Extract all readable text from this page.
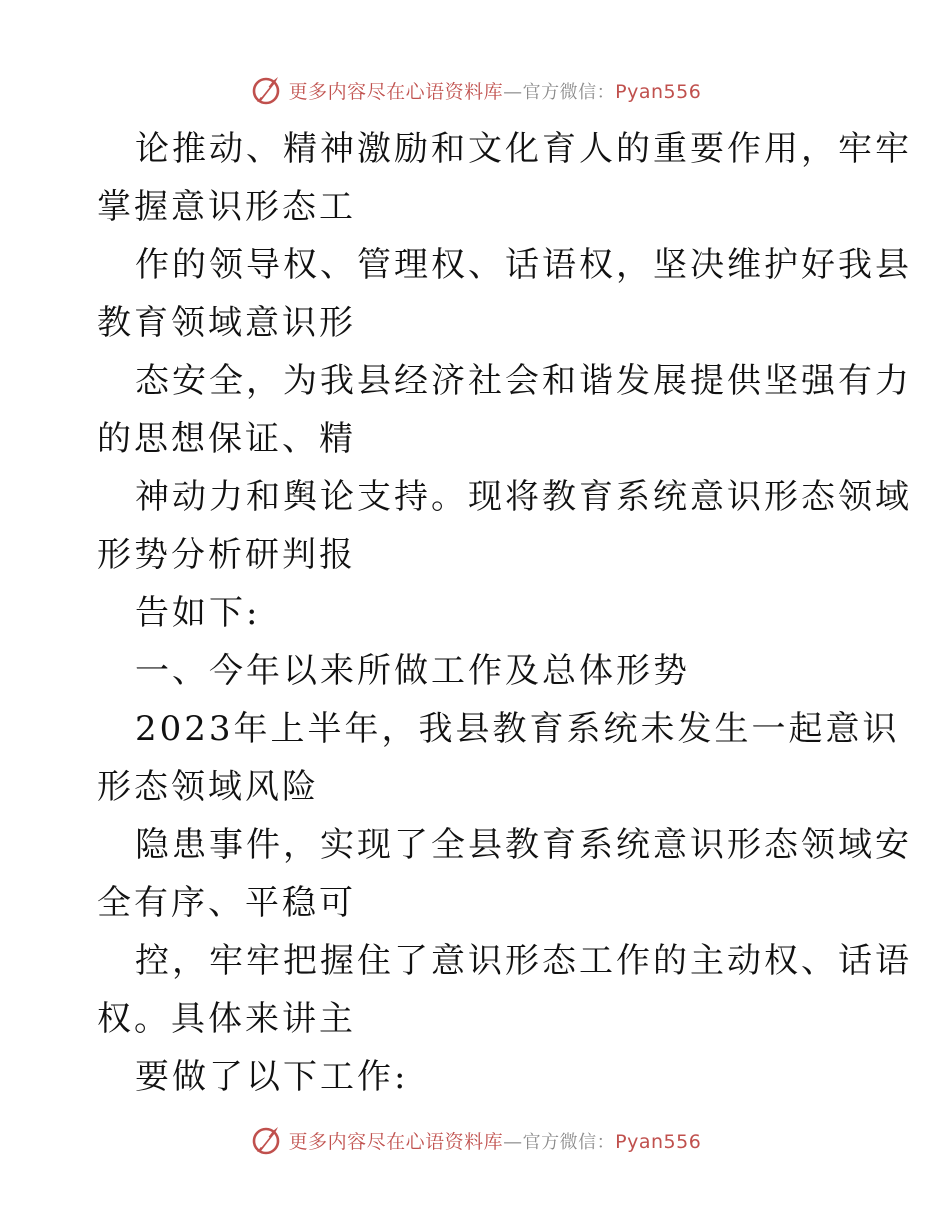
更多内容尽在心语资料库—官方微信：Pyan556

论推动、精神激励和文化育人的重要作用，牢牢

掌握意识形态工

作的领导权、管理权、话语权，坚决维护好我县

教育领域意识形

态安全，为我县经济社会和谐发展提供坚强有力

的思想保证、精

神动力和舆论支持。现将教育系统意识形态领域

形势分析研判报

告如下:

一、今年以来所做工作及总体形势

2023年上半年，我县教育系统未发生一起意识

形态领域风险

隐患事件，实现了全县教育系统意识形态领域安

全有序、平稳可

控，牢牢把握住了意识形态工作的主动权、话语

权。具体来讲主

要做了以下工作:

更多内容尽在心语资料库—官方微信：Pyan556
